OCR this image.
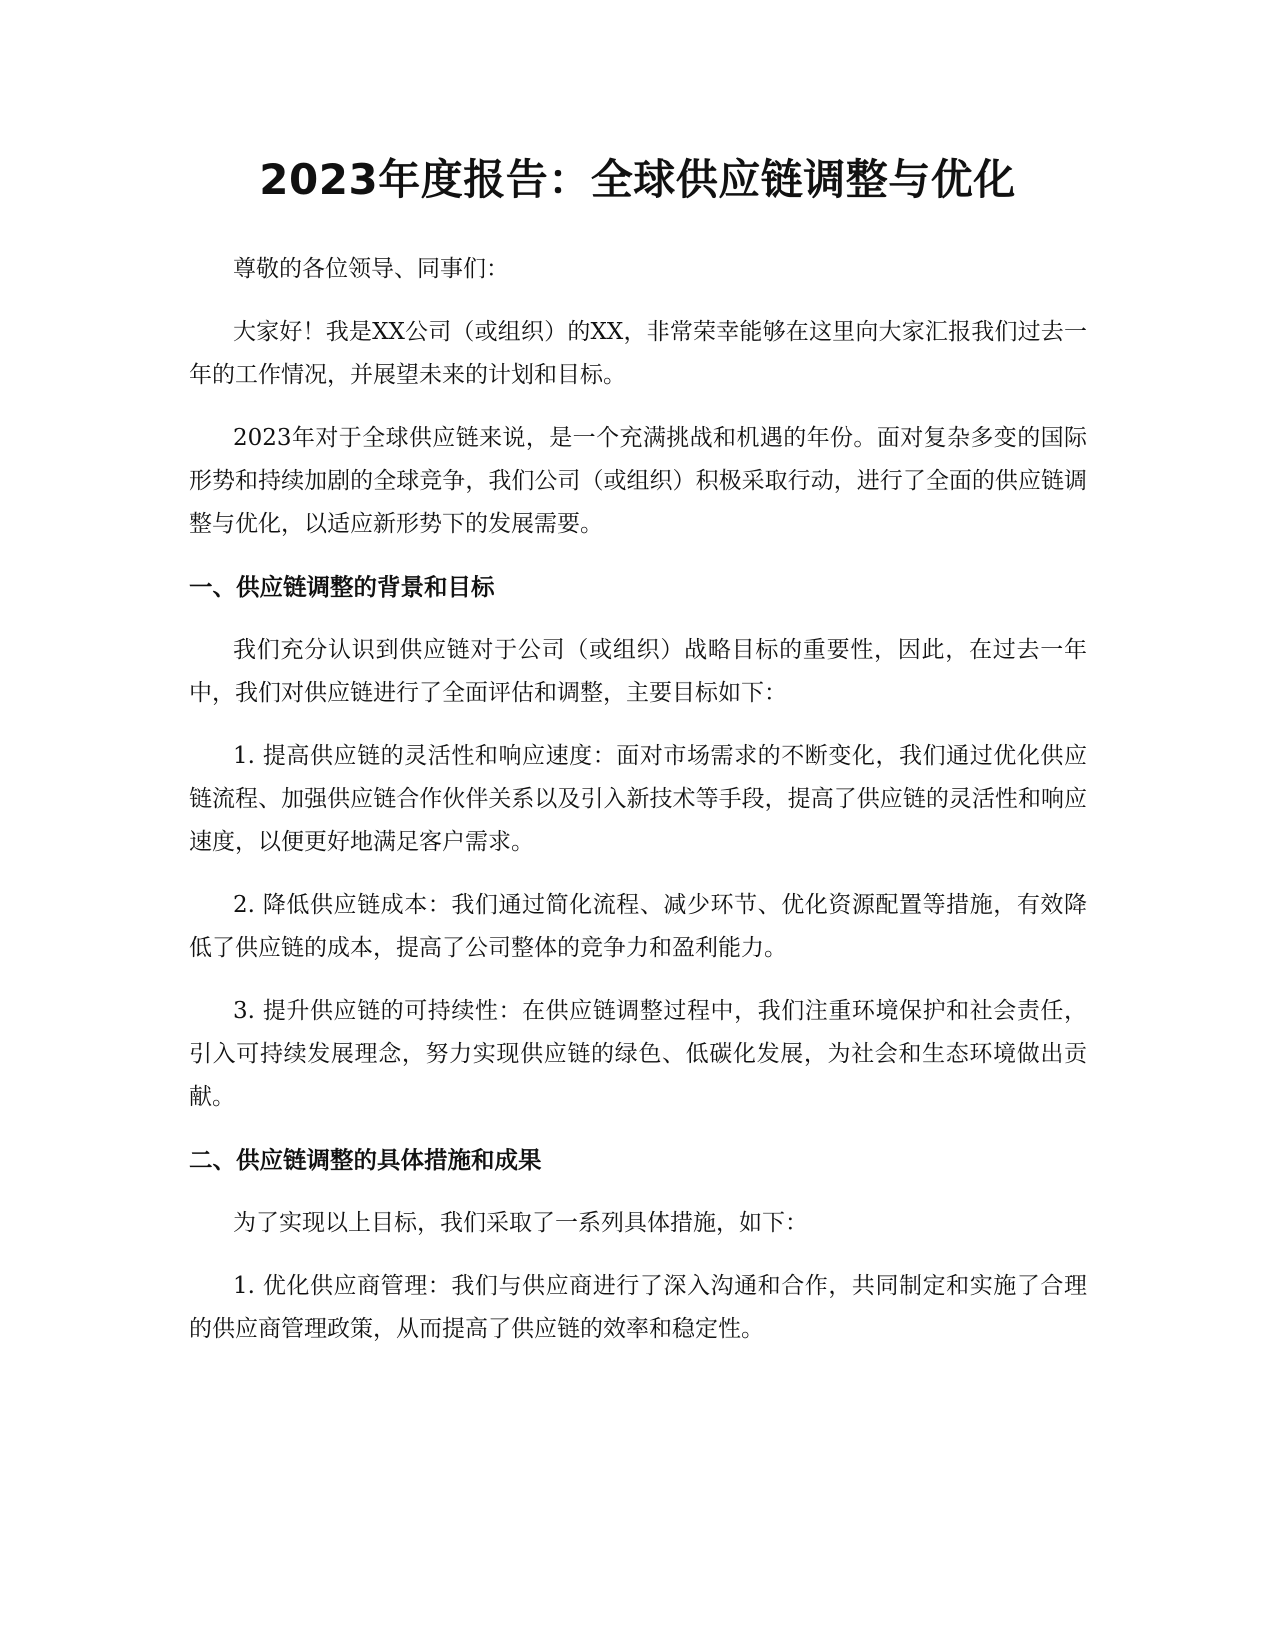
2023年度报告：全球供应链调整与优化

尊敬的各位领导、同事们：

大家好！我是XX公司（或组织）的XX，非常荣幸能够在这里向大家汇报我们过去一年的工作情况，并展望未来的计划和目标。

2023年对于全球供应链来说，是一个充满挑战和机遇的年份。面对复杂多变的国际形势和持续加剧的全球竞争，我们公司（或组织）积极采取行动，进行了全面的供应链调整与优化，以适应新形势下的发展需要。

一、供应链调整的背景和目标

我们充分认识到供应链对于公司（或组织）战略目标的重要性，因此，在过去一年中，我们对供应链进行了全面评估和调整，主要目标如下：

1. 提高供应链的灵活性和响应速度：面对市场需求的不断变化，我们通过优化供应链流程、加强供应链合作伙伴关系以及引入新技术等手段，提高了供应链的灵活性和响应速度，以便更好地满足客户需求。

2. 降低供应链成本：我们通过简化流程、减少环节、优化资源配置等措施，有效降低了供应链的成本，提高了公司整体的竞争力和盈利能力。

3. 提升供应链的可持续性：在供应链调整过程中，我们注重环境保护和社会责任，引入可持续发展理念，努力实现供应链的绿色、低碳化发展，为社会和生态环境做出贡献。

二、供应链调整的具体措施和成果

为了实现以上目标，我们采取了一系列具体措施，如下：

1. 优化供应商管理：我们与供应商进行了深入沟通和合作，共同制定和实施了合理的供应商管理政策，从而提高了供应链的效率和稳定性。
